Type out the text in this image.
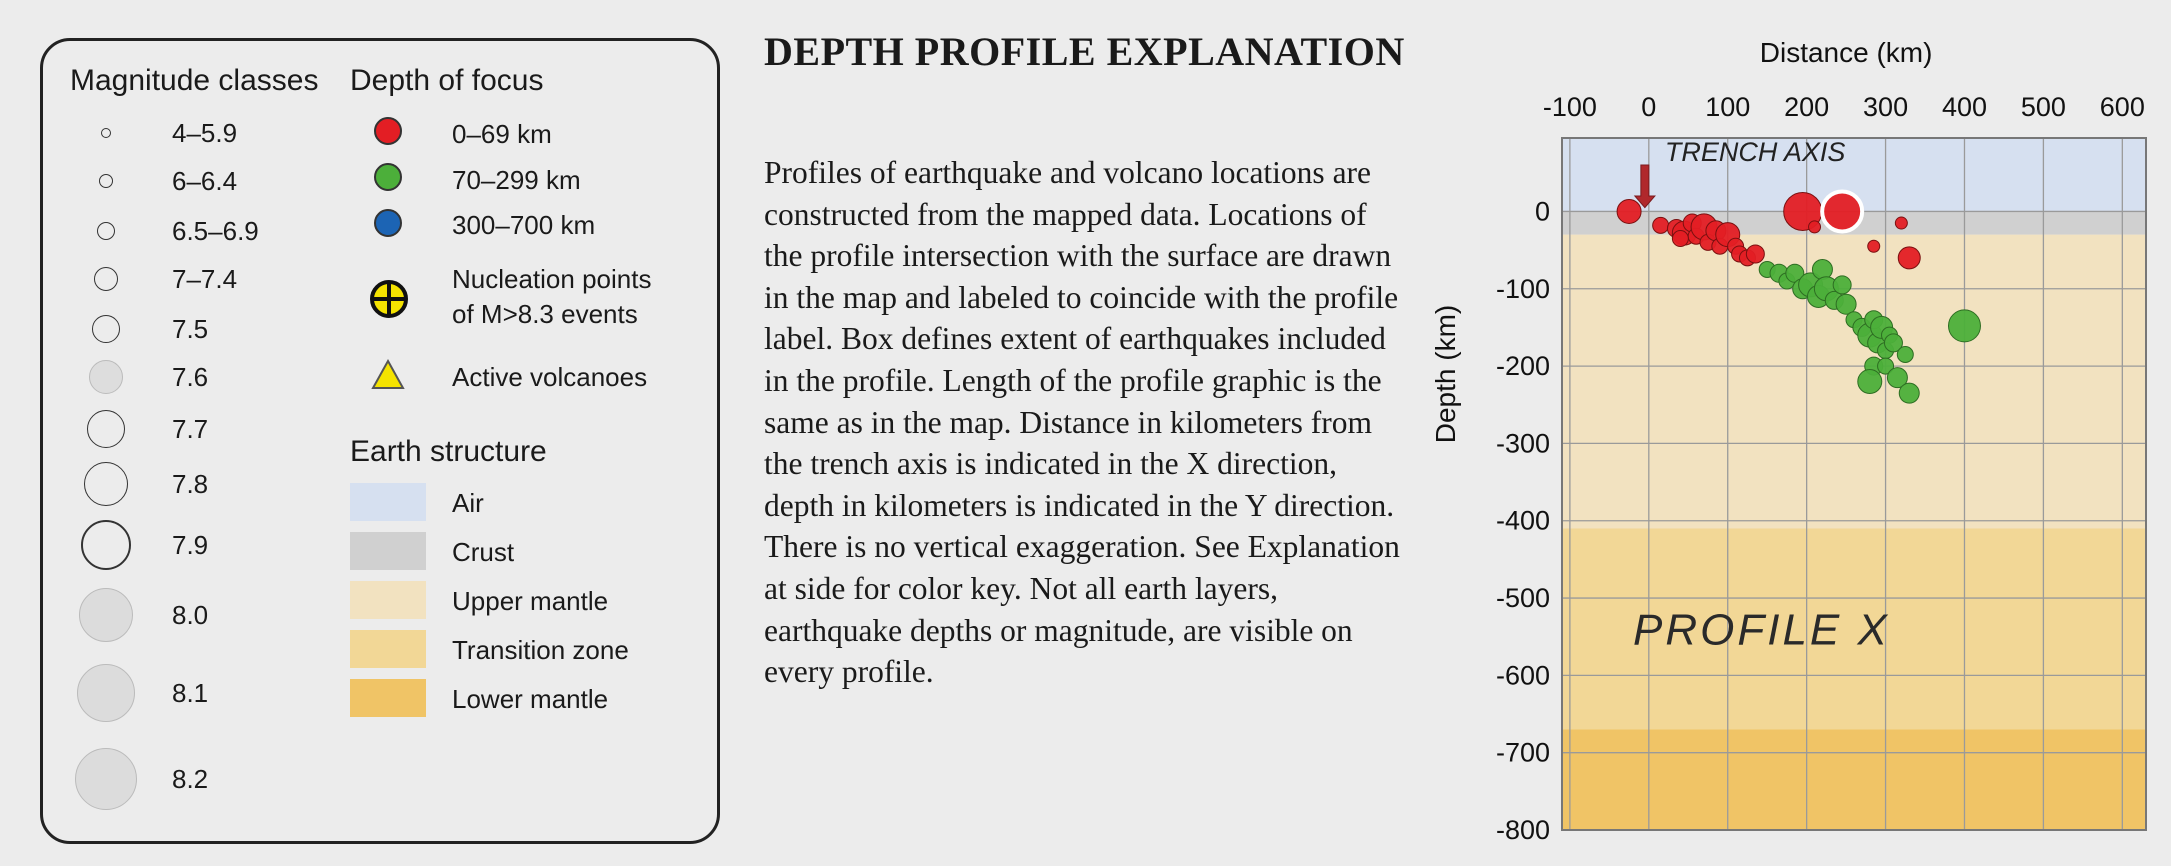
Magnitude classes
4–5.9
6–6.4
6.5–6.9
7–7.4
7.5
7.6
7.7
7.8
7.9
8.0
8.1
8.2
Depth of focus
0–69 km
70–299 km
300–700 km
Nucleation points
of M>8.3 events
Active volcanoes
Earth structure
Air
Crust
Upper mantle
Transition zone
Lower mantle
DEPTH PROFILE EXPLANATION
Profiles of earthquake and volcano locations are constructed from the mapped data. Locations of the profile intersection with the surface are drawn in the map and labeled to coincide with the profile label. Box defines extent of earthquakes included in the profile. Length of the profile graphic is the same as in the map. Distance in kilometers from the trench axis is indicated in the X direction, depth in kilometers is indicated in the Y direction. There is no vertical exaggeration. See Explanation at side for color key. Not all earth layers, earthquake depths or magnitude, are visible on every profile.
-100 0 100 200 300 400 500 600
0
-100
-200
-300
-400
-500
-600
-700
-800
Distance (km)
Depth (km)
TRENCH AXIS
PROFILE X
